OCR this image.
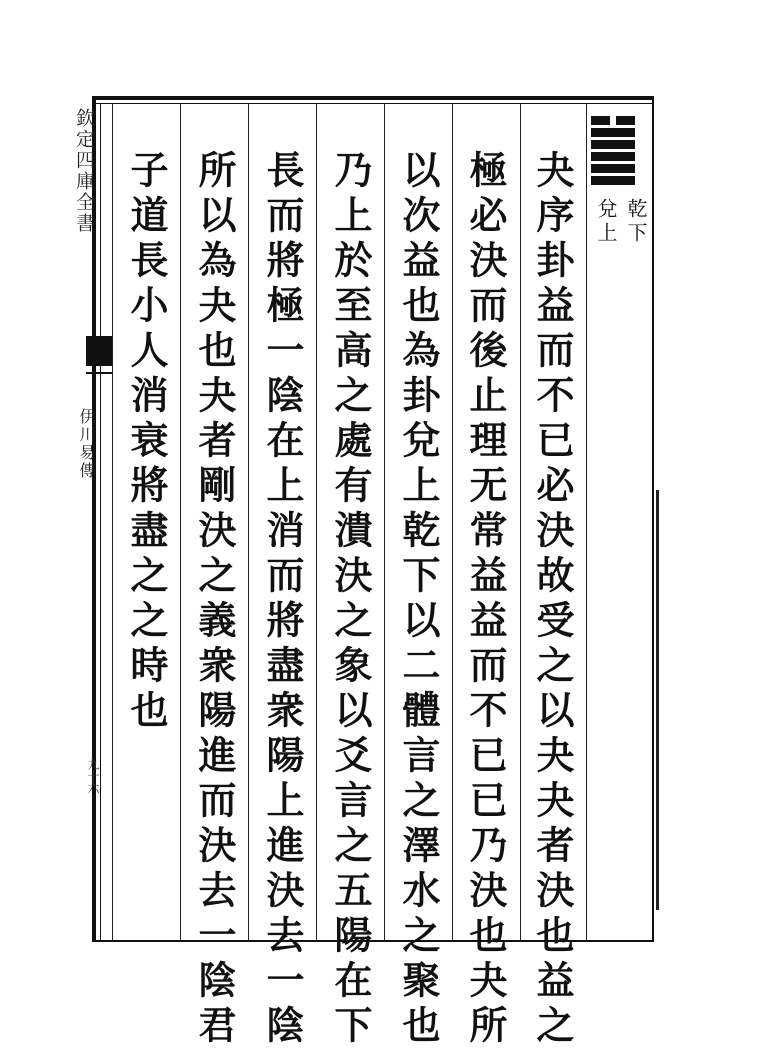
欽定四庫全書
伊川易傳
九十六
乾下
兌上
夬序卦益而不已必決故受之以夬夬者決也益之
極必決而後止理无常益益而不已已乃決也夬所
以次益也為卦兌上乾下以二體言之澤水之聚也
乃上於至高之處有潰決之象以爻言之五陽在下
長而將極一陰在上消而將盡衆陽上進決去一陰
所以為夬也夬者剛決之義衆陽進而決去一陰君
子道長小人消衰將盡之之時也
